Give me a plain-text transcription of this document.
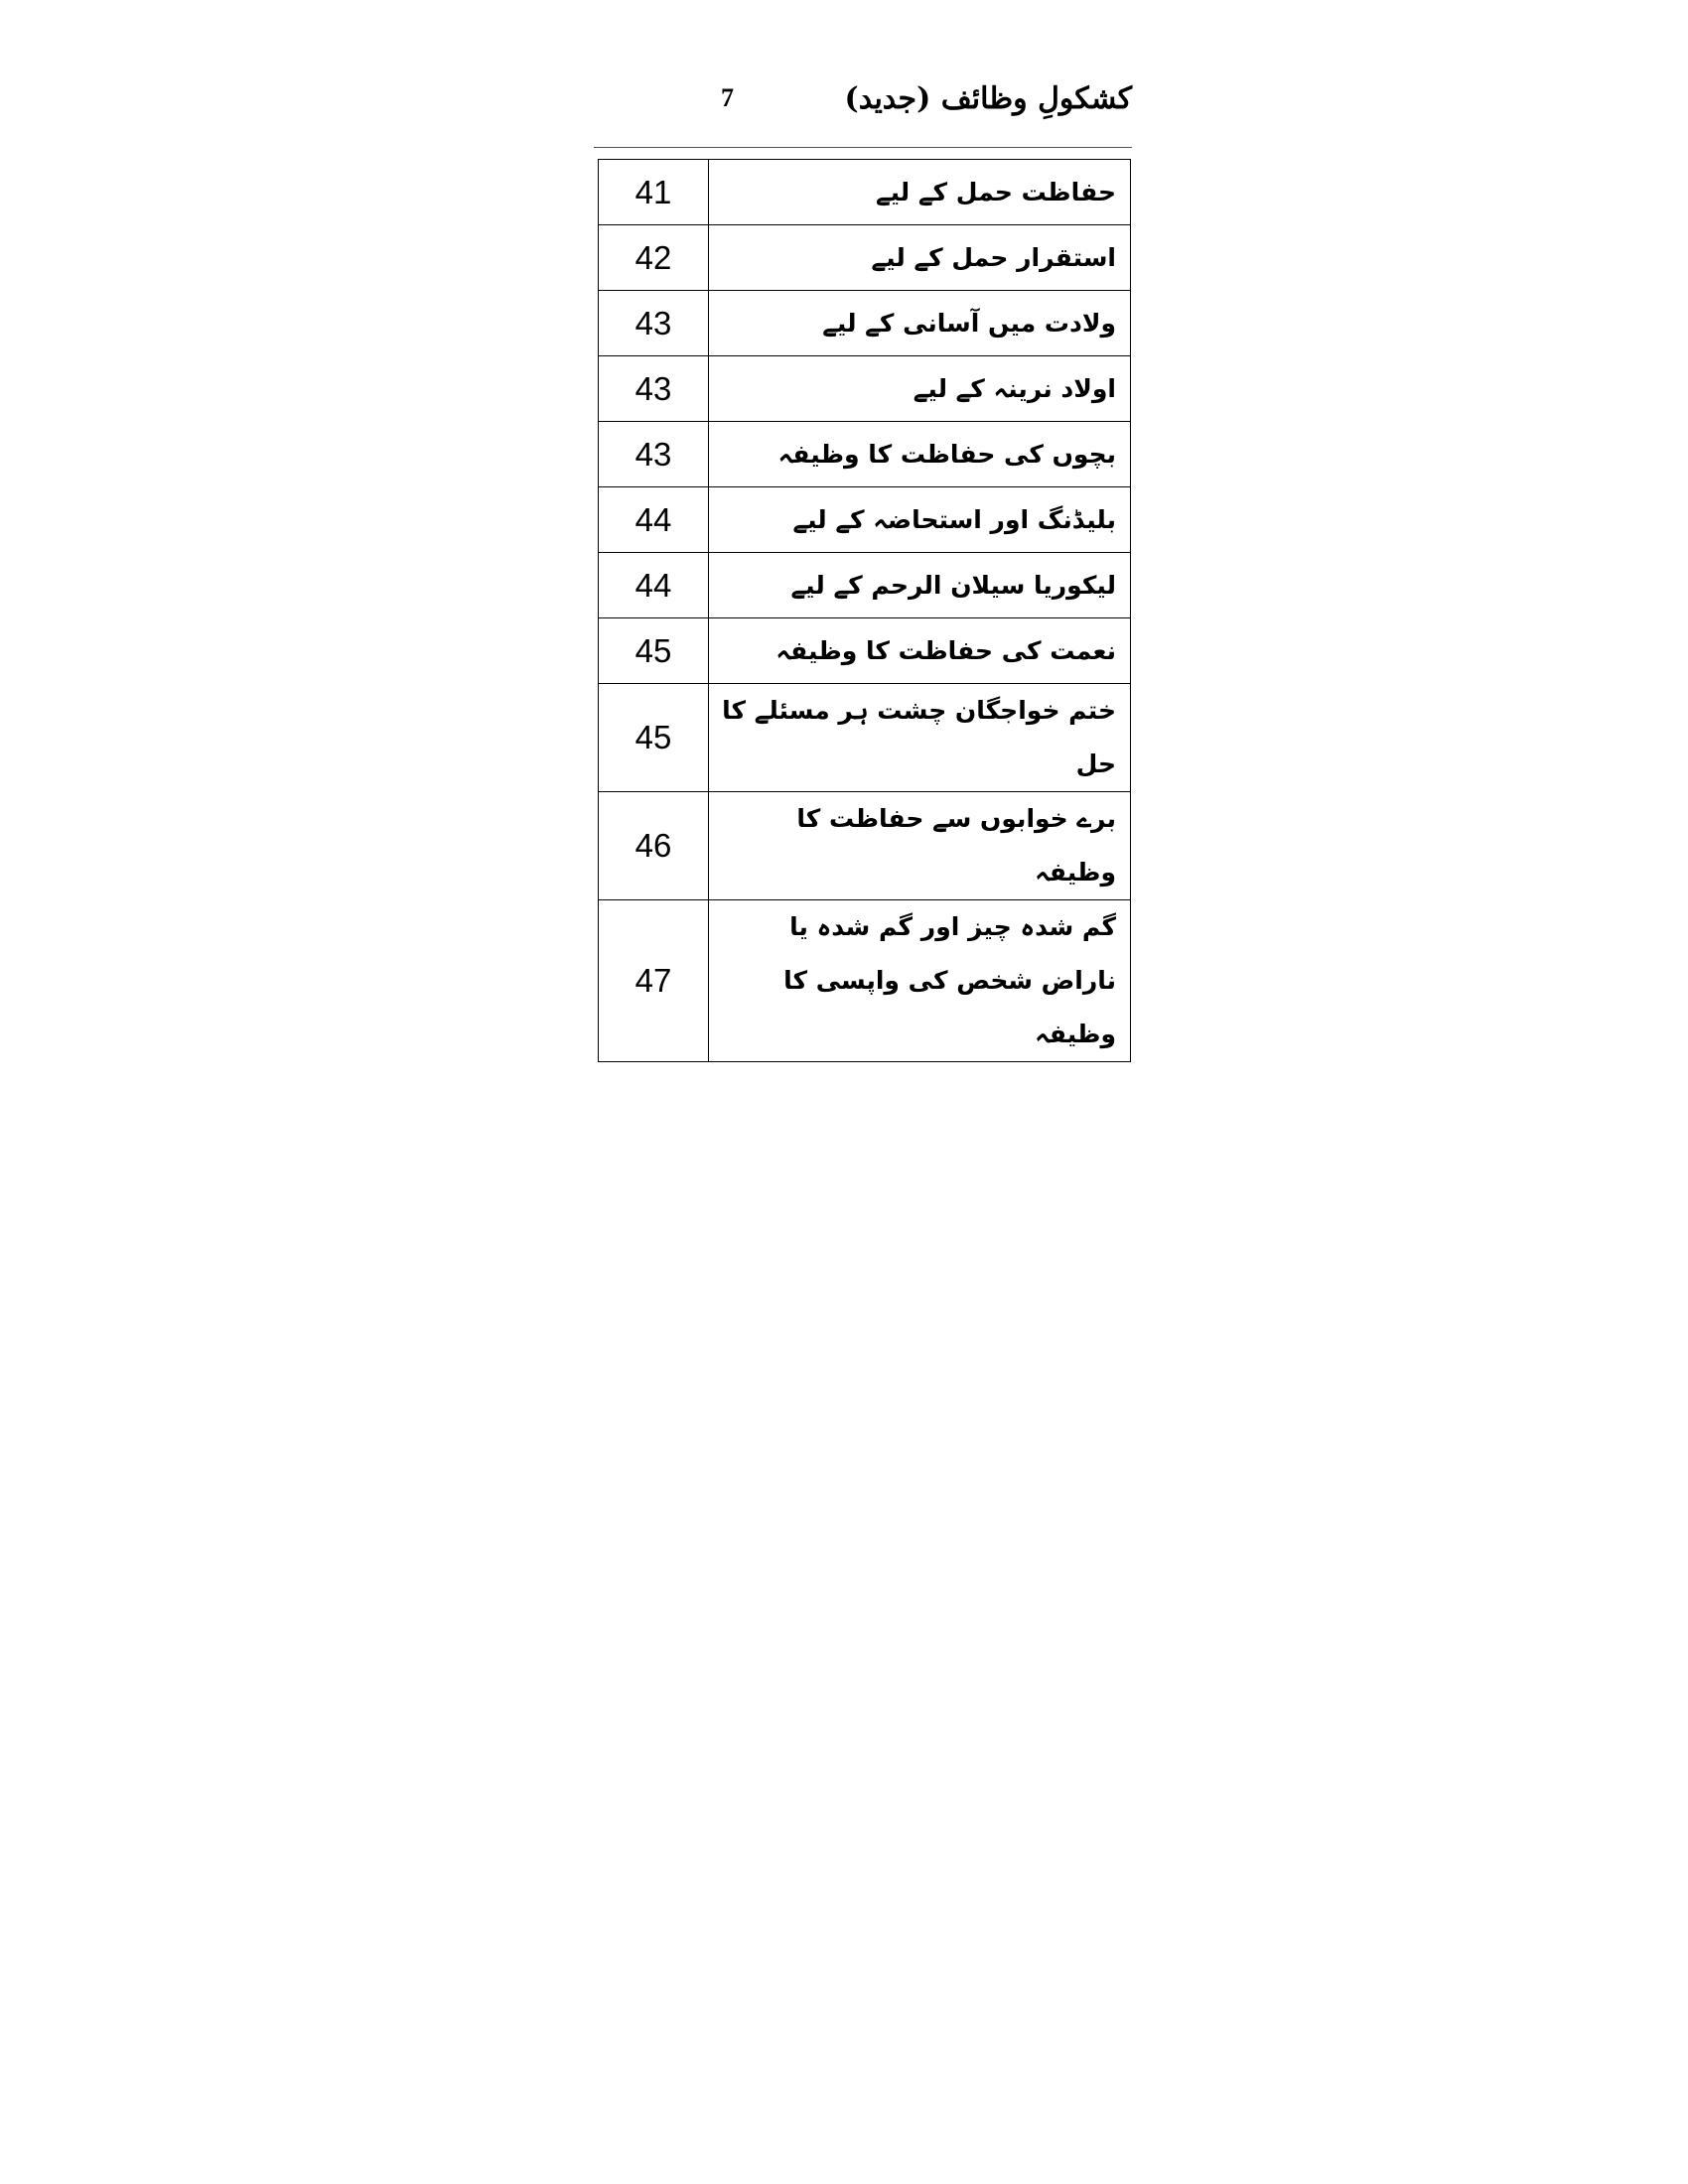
کشکولِ وظائف (جدید)
7
41	حفاظت حمل کے لیے
42	استقرار حمل کے لیے
43	ولادت میں آسانی کے لیے
43	اولاد نرینہ کے لیے
43	بچوں کی حفاظت کا وظیفہ
44	بلیڈنگ اور استحاضہ کے لیے
44	لیکوریا سیلان الرحم کے لیے
45	نعمت کی حفاظت کا وظیفہ
45	ختم خواجگان چشت ہر مسئلے کا حل
46	برے خوابوں سے حفاظت کا وظیفہ
47	گم شدہ چیز اور گم شدہ یا ناراض شخص کی واپسی کا وظیفہ
